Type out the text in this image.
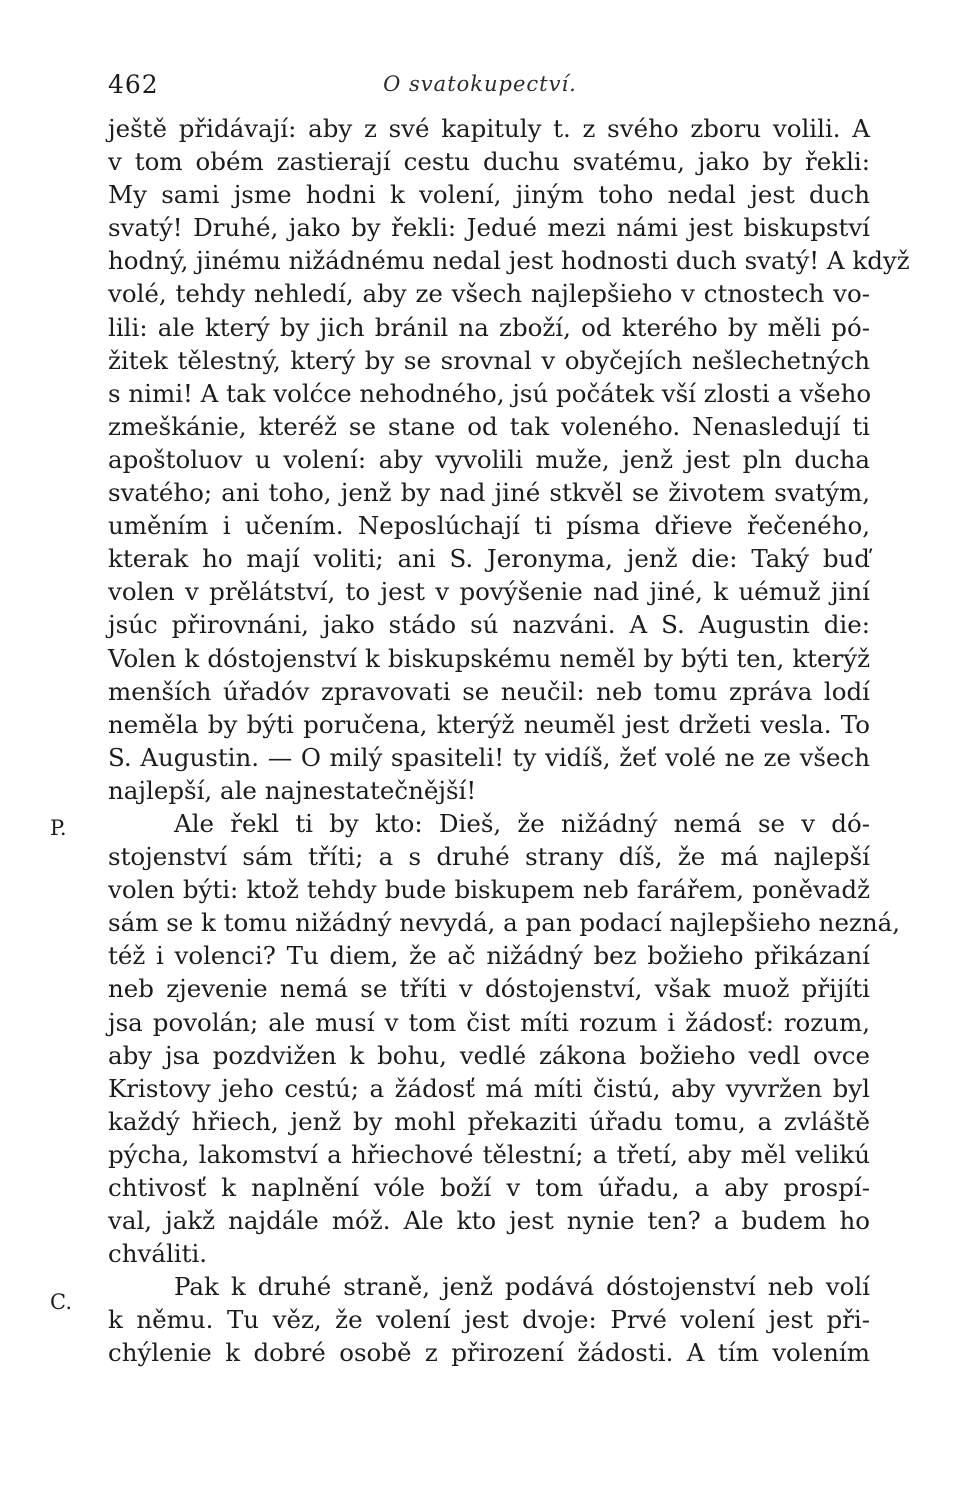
462	O svatokupectví.
P.
C.
ještě přidávají: aby z své kapituly t. z svého zboru volili. A
v tom obém zastierají cestu duchu svatému, jako by řekli:
My sami jsme hodni k volení, jiným toho nedal jest duch
svatý! Druhé, jako by řekli: Jedué mezi námi jest biskupství
hodný, jinému nižádnému nedal jest hodnosti duch svatý! A když
volé, tehdy nehledí, aby ze všech najlepšieho v ctnostech vo-
lili: ale který by jich bránil na zboží, od kterého by měli pó-
žitek tělestný, který by se srovnal v obyčejích nešlechetných
s nimi! A tak volćce nehodného, jsú počátek vší zlosti a všeho
zmeškánie, kteréž se stane od tak voleného. Nenasledují ti
apoštoluov u volení: aby vyvolili muže, jenž jest pln ducha
svatého; ani toho, jenž by nad jiné stkvěl se životem svatým,
uměním i učením. Neposlúchají ti písma dřieve řečeného,
kterak ho mají voliti; ani S. Jeronyma, jenž die: Taký buď
volen v prělátství, to jest v povýšenie nad jiné, k uémuž jiní
jsúc přirovnáni, jako stádo sú nazváni. A S. Augustin die:
Volen k dóstojenství k biskupskému neměl by býti ten, kterýž
menších úřadóv zpravovati se neučil: neb tomu zpráva lodí
neměla by býti poručena, kterýž neuměl jest držeti vesla. To
S. Augustin. — O milý spasiteli! ty vidíš, žeť volé ne ze všech
najlepší, ale najnestatečnější!
Ale řekl ti by kto: Dieš, že nižádný nemá se v dó-
stojenství sám tříti; a s druhé strany díš, že má najlepší
volen býti: ktož tehdy bude biskupem neb farářem, poněvadž
sám se k tomu nižádný nevydá, a pan podací najlepšieho nezná,
též i volenci? Tu diem, že ač nižádný bez božieho přikázaní
neb zjevenie nemá se tříti v dóstojenství, však muož přijíti
jsa povolán; ale musí v tom čist míti rozum i žádosť: rozum,
aby jsa pozdvižen k bohu, vedlé zákona božieho vedl ovce
Kristovy jeho cestú; a žádosť má míti čistú, aby vyvržen byl
každý hřiech, jenž by mohl překaziti úřadu tomu, a zvláště
pýcha, lakomství a hřiechové tělestní; a třetí, aby měl velikú
chtivosť k naplnění vóle boží v tom úřadu, a aby prospí-
val, jakž najdále móž. Ale kto jest nynie ten? a budem ho
chváliti.
Pak k druhé straně, jenž podává dóstojenství neb volí
k němu. Tu věz, že volení jest dvoje: Prvé volení jest při-
chýlenie k dobré osobě z přirození žádosti. A tím volením
